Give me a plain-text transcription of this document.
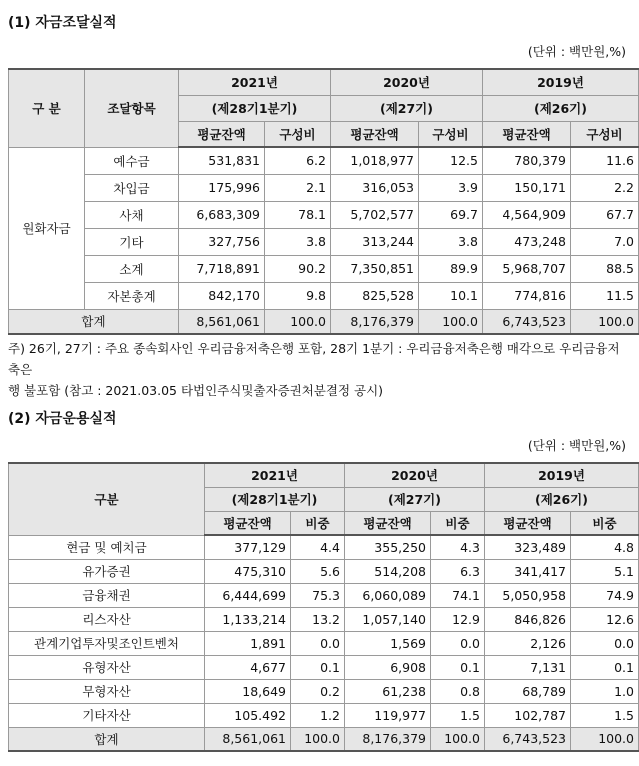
(1) 자금조달실적
(단위 : 백만원,%)
구 분	조달항목	2021년		2020년		2019년	
		(제28기1분기)		(제27기)		(제26기)	
		평균잔액	구성비	평균잔액	구성비	평균잔액	구성비
원화자금	예수금	531,831	6.2	1,018,977	12.5	780,379	11.6
	차입금	175,996	2.1	316,053	3.9	150,171	2.2
	사채	6,683,309	78.1	5,702,577	69.7	4,564,909	67.7
	기타	327,756	3.8	313,244	3.8	473,248	7.0
	소계	7,718,891	90.2	7,350,851	89.9	5,968,707	88.5
	자본총계	842,170	9.8	825,528	10.1	774,816	11.5
합계		8,561,061	100.0	8,176,379	100.0	6,743,523	100.0
주) 26기, 27기 : 주요 종속회사인 우리금융저축은행 포함, 28기 1분기 : 우리금융저축은행 매각으로 우리금융저축은
행 불포함 (참고 : 2021.03.05 타법인주식및출자증권처분결정 공시)
(2) 자금운용실적
(단위 : 백만원,%)
구분	2021년		2020년		2019년	
	(제28기1분기)		(제27기)		(제26기)	
	평균잔액	비중	평균잔액	비중	평균잔액	비중
현금 및 예치금	377,129	4.4	355,250	4.3	323,489	4.8
유가증권	475,310	5.6	514,208	6.3	341,417	5.1
금융채권	6,444,699	75.3	6,060,089	74.1	5,050,958	74.9
리스자산	1,133,214	13.2	1,057,140	12.9	846,826	12.6
관계기업투자및조인트벤처	1,891	0.0	1,569	0.0	2,126	0.0
유형자산	4,677	0.1	6,908	0.1	7,131	0.1
무형자산	18,649	0.2	61,238	0.8	68,789	1.0
기타자산	105.492	1.2	119,977	1.5	102,787	1.5
합계	8,561,061	100.0	8,176,379	100.0	6,743,523	100.0
